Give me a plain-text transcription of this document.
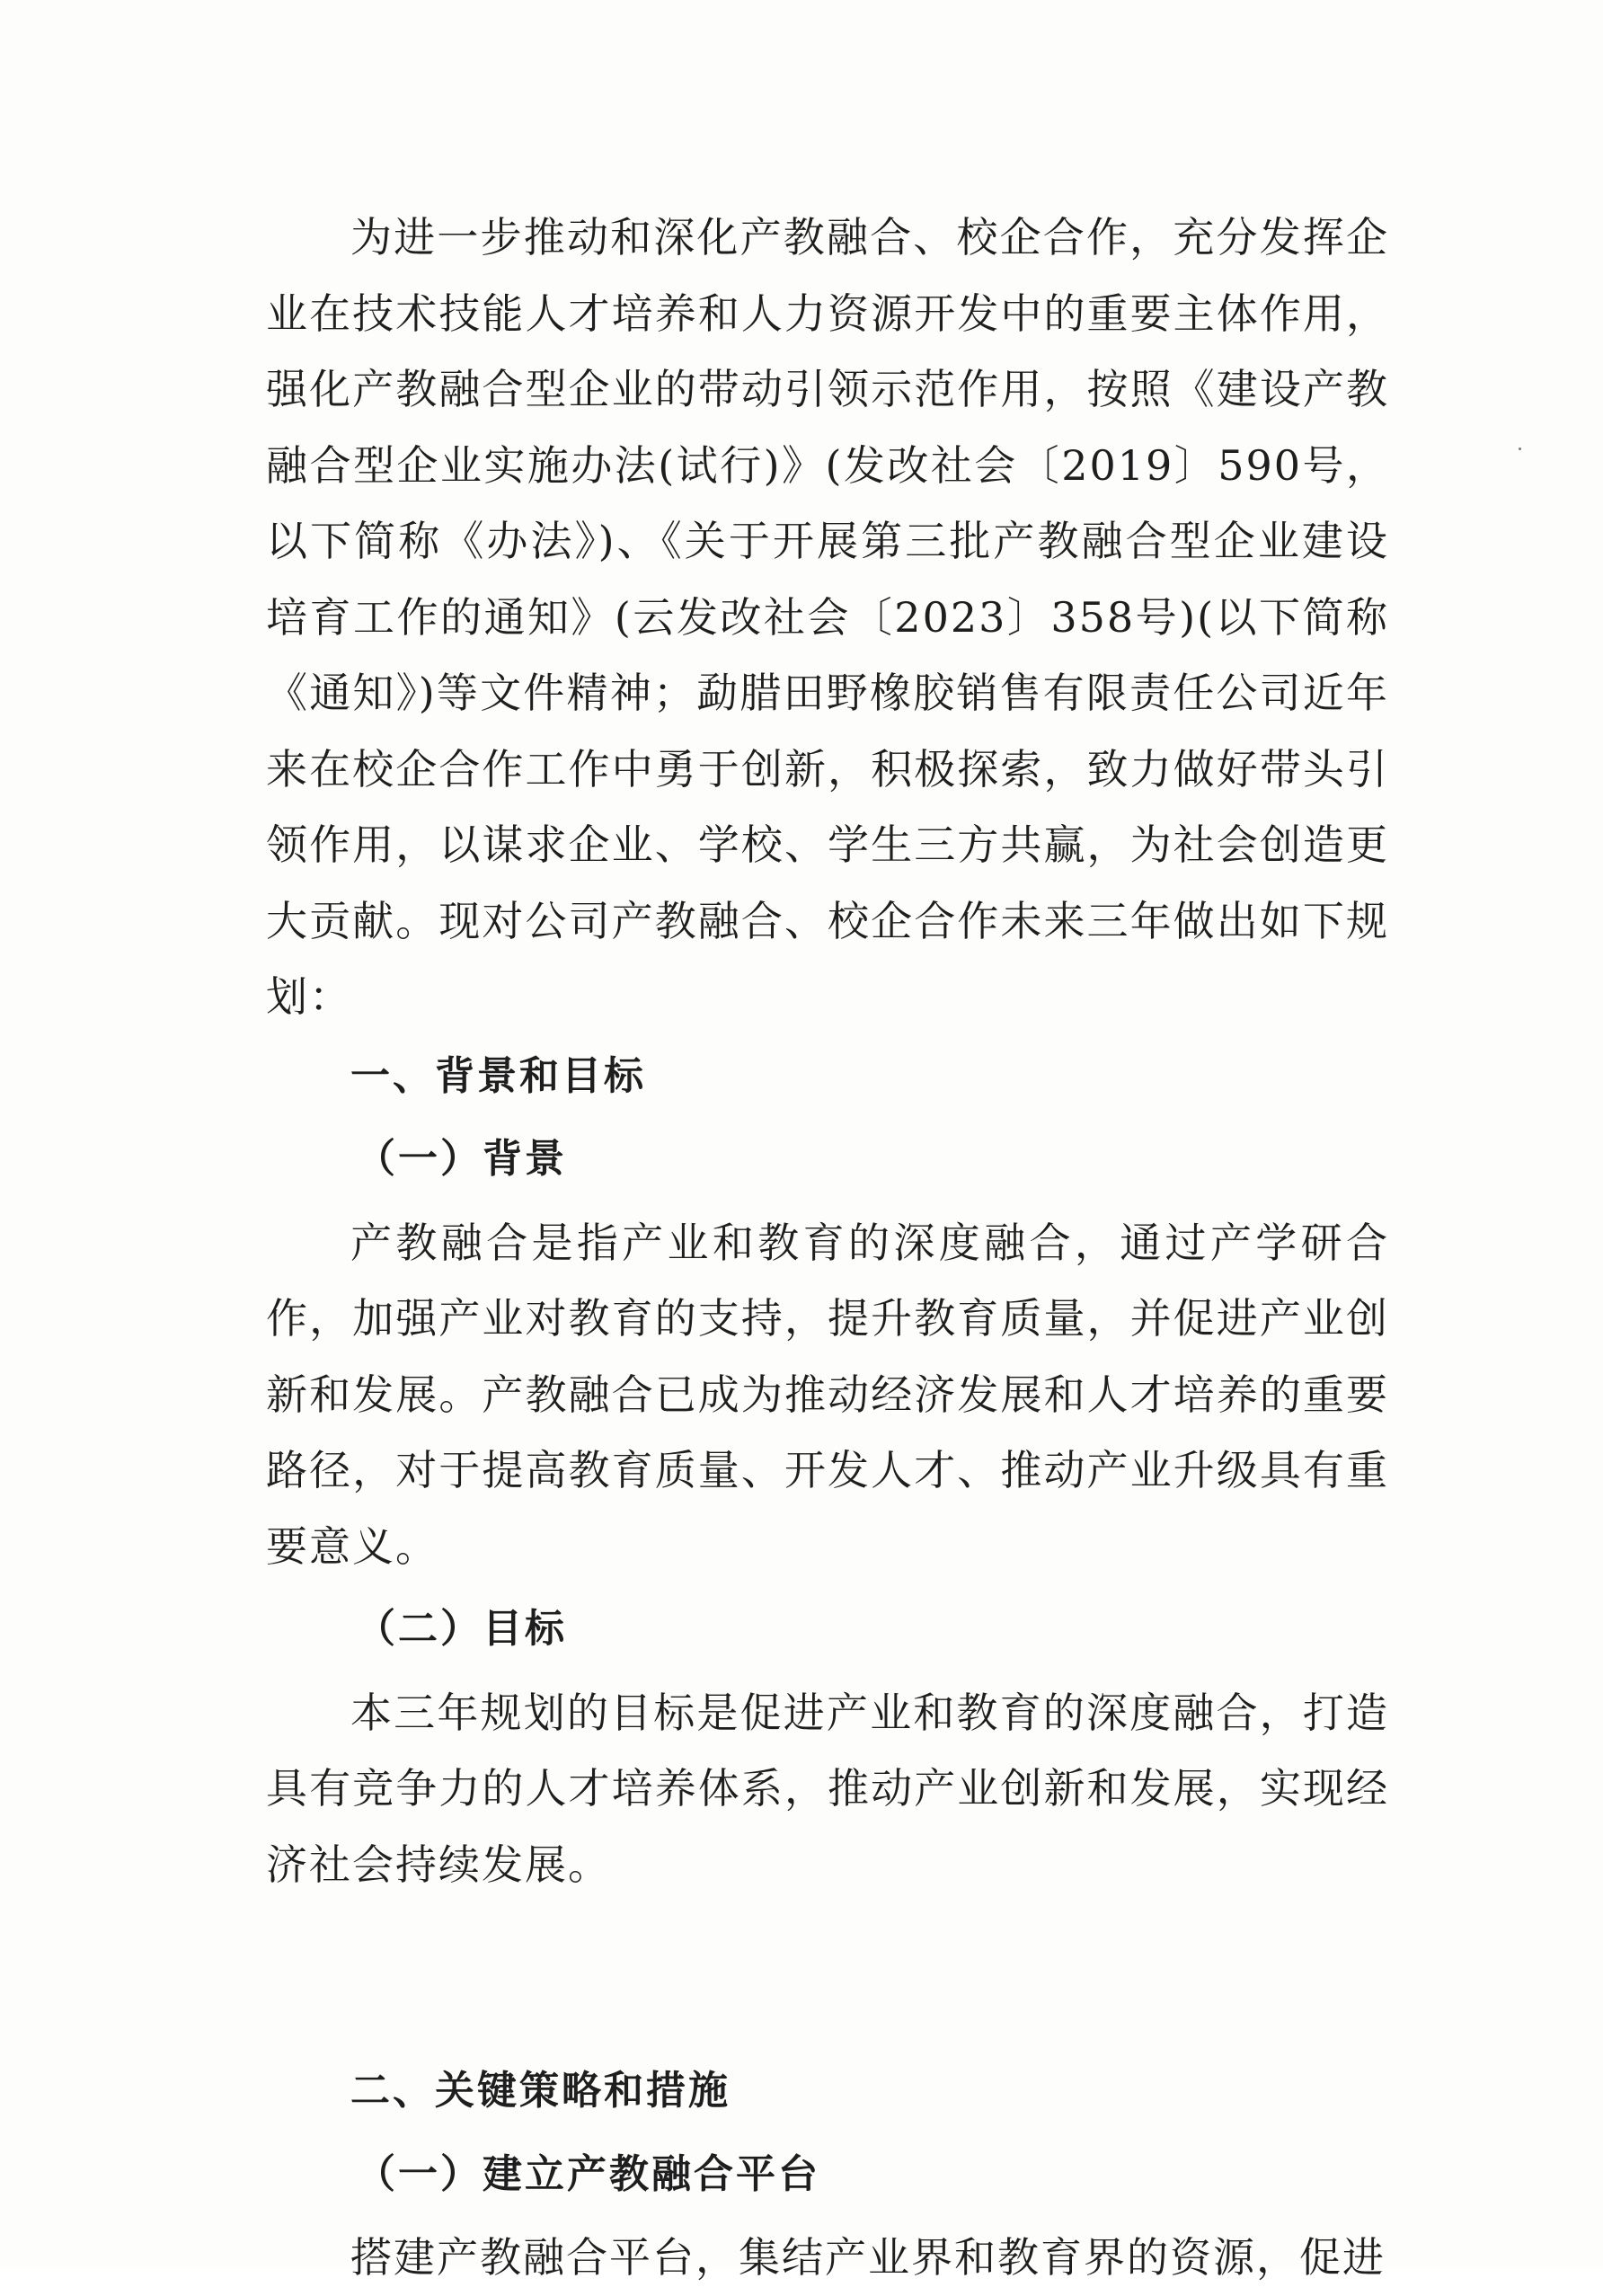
为进一步推动和深化产教融合、校企合作，充分发挥企业在技术技能人才培养和人力资源开发中的重要主体作用，强化产教融合型企业的带动引领示范作用，按照《建设产教融合型企业实施办法(试行)》(发改社会〔2019〕590号，以下简称《办法》)、《关于开展第三批产教融合型企业建设培育工作的通知》(云发改社会〔2023〕358号)(以下简称《通知》)等文件精神；勐腊田野橡胶销售有限责任公司近年来在校企合作工作中勇于创新，积极探索，致力做好带头引领作用，以谋求企业、学校、学生三方共赢，为社会创造更大贡献。现对公司产教融合、校企合作未来三年做出如下规划：

一、背景和目标

（一）背景

产教融合是指产业和教育的深度融合，通过产学研合作，加强产业对教育的支持，提升教育质量，并促进产业创新和发展。产教融合已成为推动经济发展和人才培养的重要路径，对于提高教育质量、开发人才、推动产业升级具有重要意义。

（二）目标

本三年规划的目标是促进产业和教育的深度融合，打造具有竞争力的人才培养体系，推动产业创新和发展，实现经济社会持续发展。

二、关键策略和措施

（一）建立产教融合平台

搭建产教融合平台，集结产业界和教育界的资源，促进
